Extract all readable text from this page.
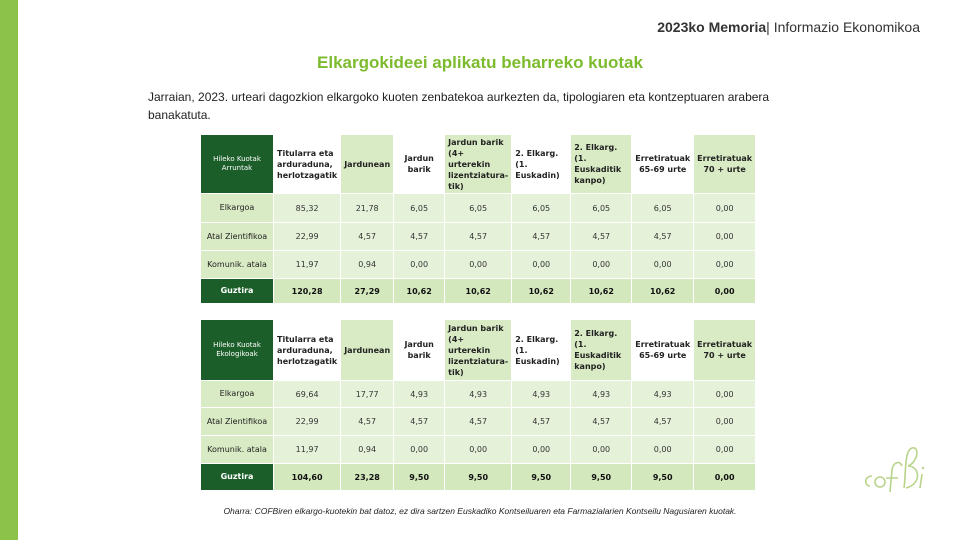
2023ko Memoria| Informazio Ekonomikoa
Elkargokideei aplikatu beharreko kuotak
Jarraian, 2023. urteari dagozkion elkargoko kuoten zenbatekoa aurkezten da, tipologiaren eta kontzeptuaren arabera banakatuta.
Hileko Kuotak Arruntak	Titularra eta arduraduna, herlotzagatik	Jardunean	Jardun barik	Jardun barik (4+ urterekin lizentziatura-tik)	2. Elkarg. (1. Euskadin)	2. Elkarg. (1. Euskaditik kanpo)	Erretiratuak 65-69 urte	Erretiratuak 70 + urte
Elkargoa	85,32	21,78	6,05	6,05	6,05	6,05	6,05	0,00
Atal Zientifikoa	22,99	4,57	4,57	4,57	4,57	4,57	4,57	0,00
Komunik. atala	11,97	0,94	0,00	0,00	0,00	0,00	0,00	0,00
Guztira	120,28	27,29	10,62	10,62	10,62	10,62	10,62	0,00
Hileko Kuotak Ekologikoak	Titularra eta arduraduna, herlotzagatik	Jardunean	Jardun barik	Jardun barik (4+ urterekin lizentziatura-tik)	2. Elkarg. (1. Euskadin)	2. Elkarg. (1. Euskaditik kanpo)	Erretiratuak 65-69 urte	Erretiratuak 70 + urte
Elkargoa	69,64	17,77	4,93	4,93	4,93	4,93	4,93	0,00
Atal Zientifikoa	22,99	4,57	4,57	4,57	4,57	4,57	4,57	0,00
Komunik. atala	11,97	0,94	0,00	0,00	0,00	0,00	0,00	0,00
Guztira	104,60	23,28	9,50	9,50	9,50	9,50	9,50	0,00
Oharra: COFBiren elkargo-kuotekin bat datoz, ez dira sartzen Euskadiko Kontseiluaren eta Farmazialarien Kontseilu Nagusiaren kuotak.
